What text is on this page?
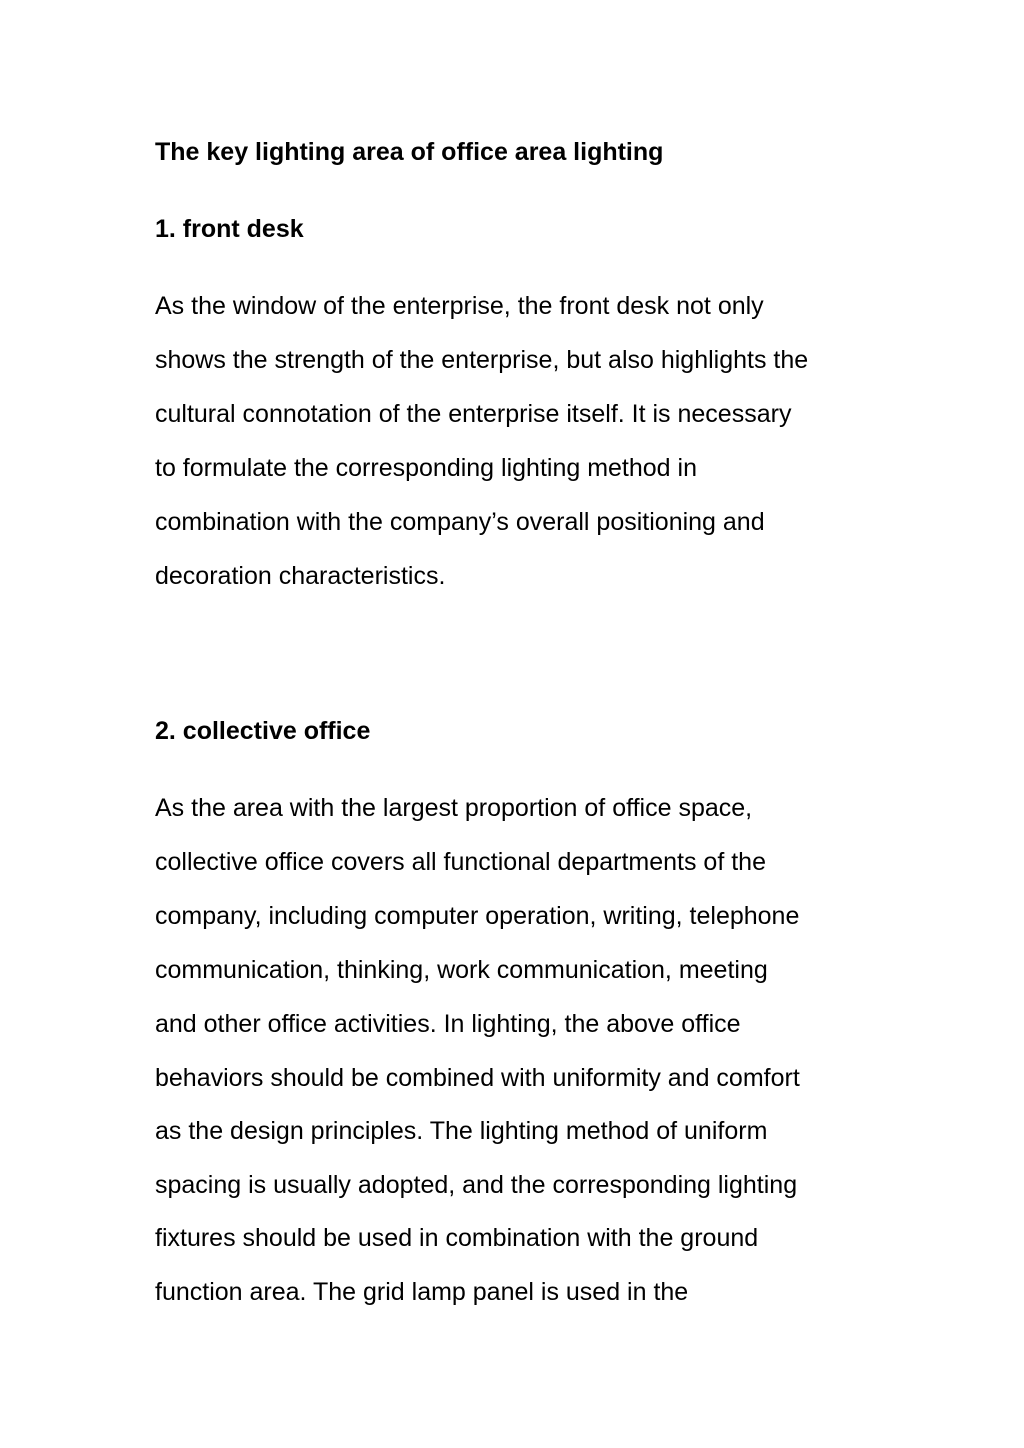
The key lighting area of office area lighting
1. front desk

As the window of the enterprise, the front desk not only

shows the strength of the enterprise, but also highlights the

cultural connotation of the enterprise itself. It is necessary

to formulate the corresponding lighting method in

combination with the company’s overall positioning and

decoration characteristics.

2. collective office

As the area with the largest proportion of office space,

collective office covers all functional departments of the

company, including computer operation, writing, telephone

communication, thinking, work communication, meeting

and other office activities. In lighting, the above office

behaviors should be combined with uniformity and comfort

as the design principles. The lighting method of uniform

spacing is usually adopted, and the corresponding lighting

fixtures should be used in combination with the ground

function area. The grid lamp panel is used in the
